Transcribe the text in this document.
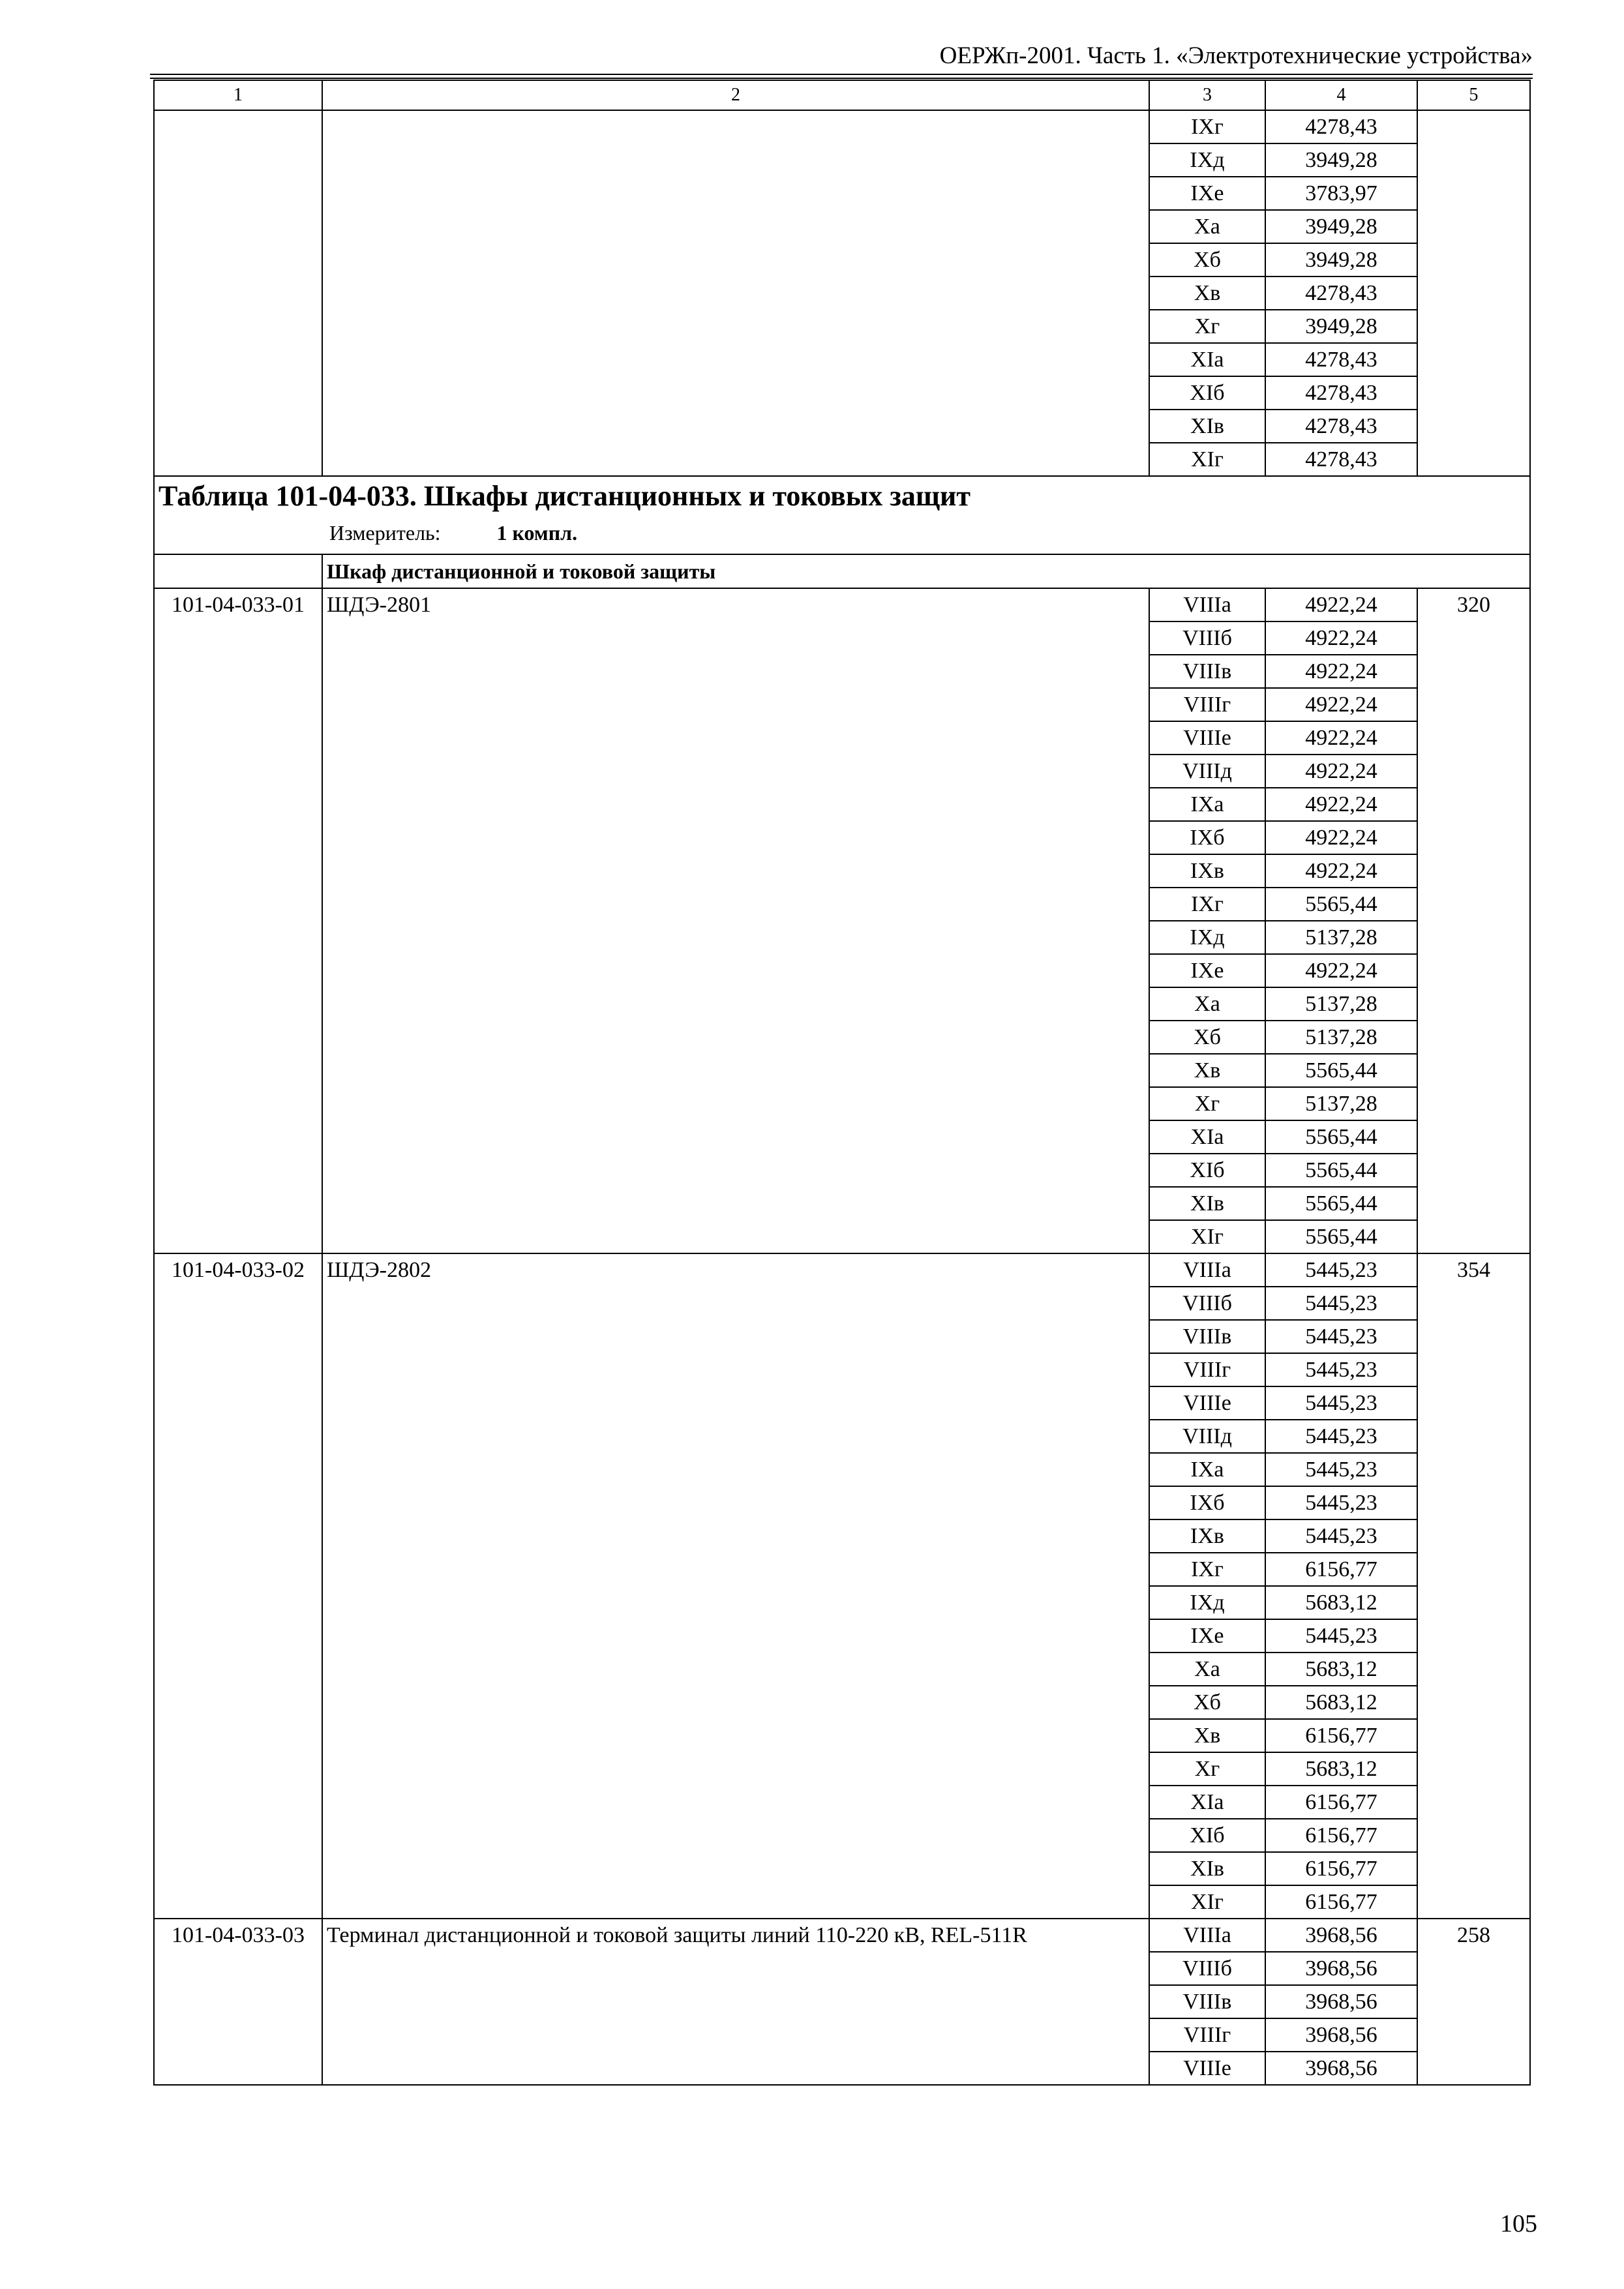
ОЕРЖп-2001. Часть 1. «Электротехнические устройства»
1	2	3	4	5
		IXг	4278,43	
		IXд	3949,28	
		IXе	3783,97	
		Xа	3949,28	
		Xб	3949,28	
		Xв	4278,43	
		Xг	3949,28	
		XIа	4278,43	
		XIб	4278,43	
		XIв	4278,43	
		XIг	4278,43	

Таблица 101-04-033. Шкафы дистанционных и токовых защит
Измеритель: 1 компл.				

	Шкаф дистанционной и токовой защиты			
101-04-033-01	ШДЭ-2801	VIIIа	4922,24	320
		VIIIб	4922,24	
		VIIIв	4922,24	
		VIIIг	4922,24	
		VIIIе	4922,24	
		VIIIд	4922,24	
		IXа	4922,24	
		IXб	4922,24	
		IXв	4922,24	
		IXг	5565,44	
		IXд	5137,28	
		IXе	4922,24	
		Xа	5137,28	
		Xб	5137,28	
		Xв	5565,44	
		Xг	5137,28	
		XIа	5565,44	
		XIб	5565,44	
		XIв	5565,44	
		XIг	5565,44	
101-04-033-02	ШДЭ-2802	VIIIа	5445,23	354
		VIIIб	5445,23	
		VIIIв	5445,23	
		VIIIг	5445,23	
		VIIIе	5445,23	
		VIIIд	5445,23	
		IXа	5445,23	
		IXб	5445,23	
		IXв	5445,23	
		IXг	6156,77	
		IXд	5683,12	
		IXе	5445,23	
		Xа	5683,12	
		Xб	5683,12	
		Xв	6156,77	
		Xг	5683,12	
		XIа	6156,77	
		XIб	6156,77	
		XIв	6156,77	
		XIг	6156,77	
101-04-033-03	Терминал дистанционной и токовой защиты линий 110-220 кВ, REL-511R	VIIIа	3968,56	258
		VIIIб	3968,56	
		VIIIв	3968,56	
		VIIIг	3968,56	
		VIIIе	3968,56	
105
